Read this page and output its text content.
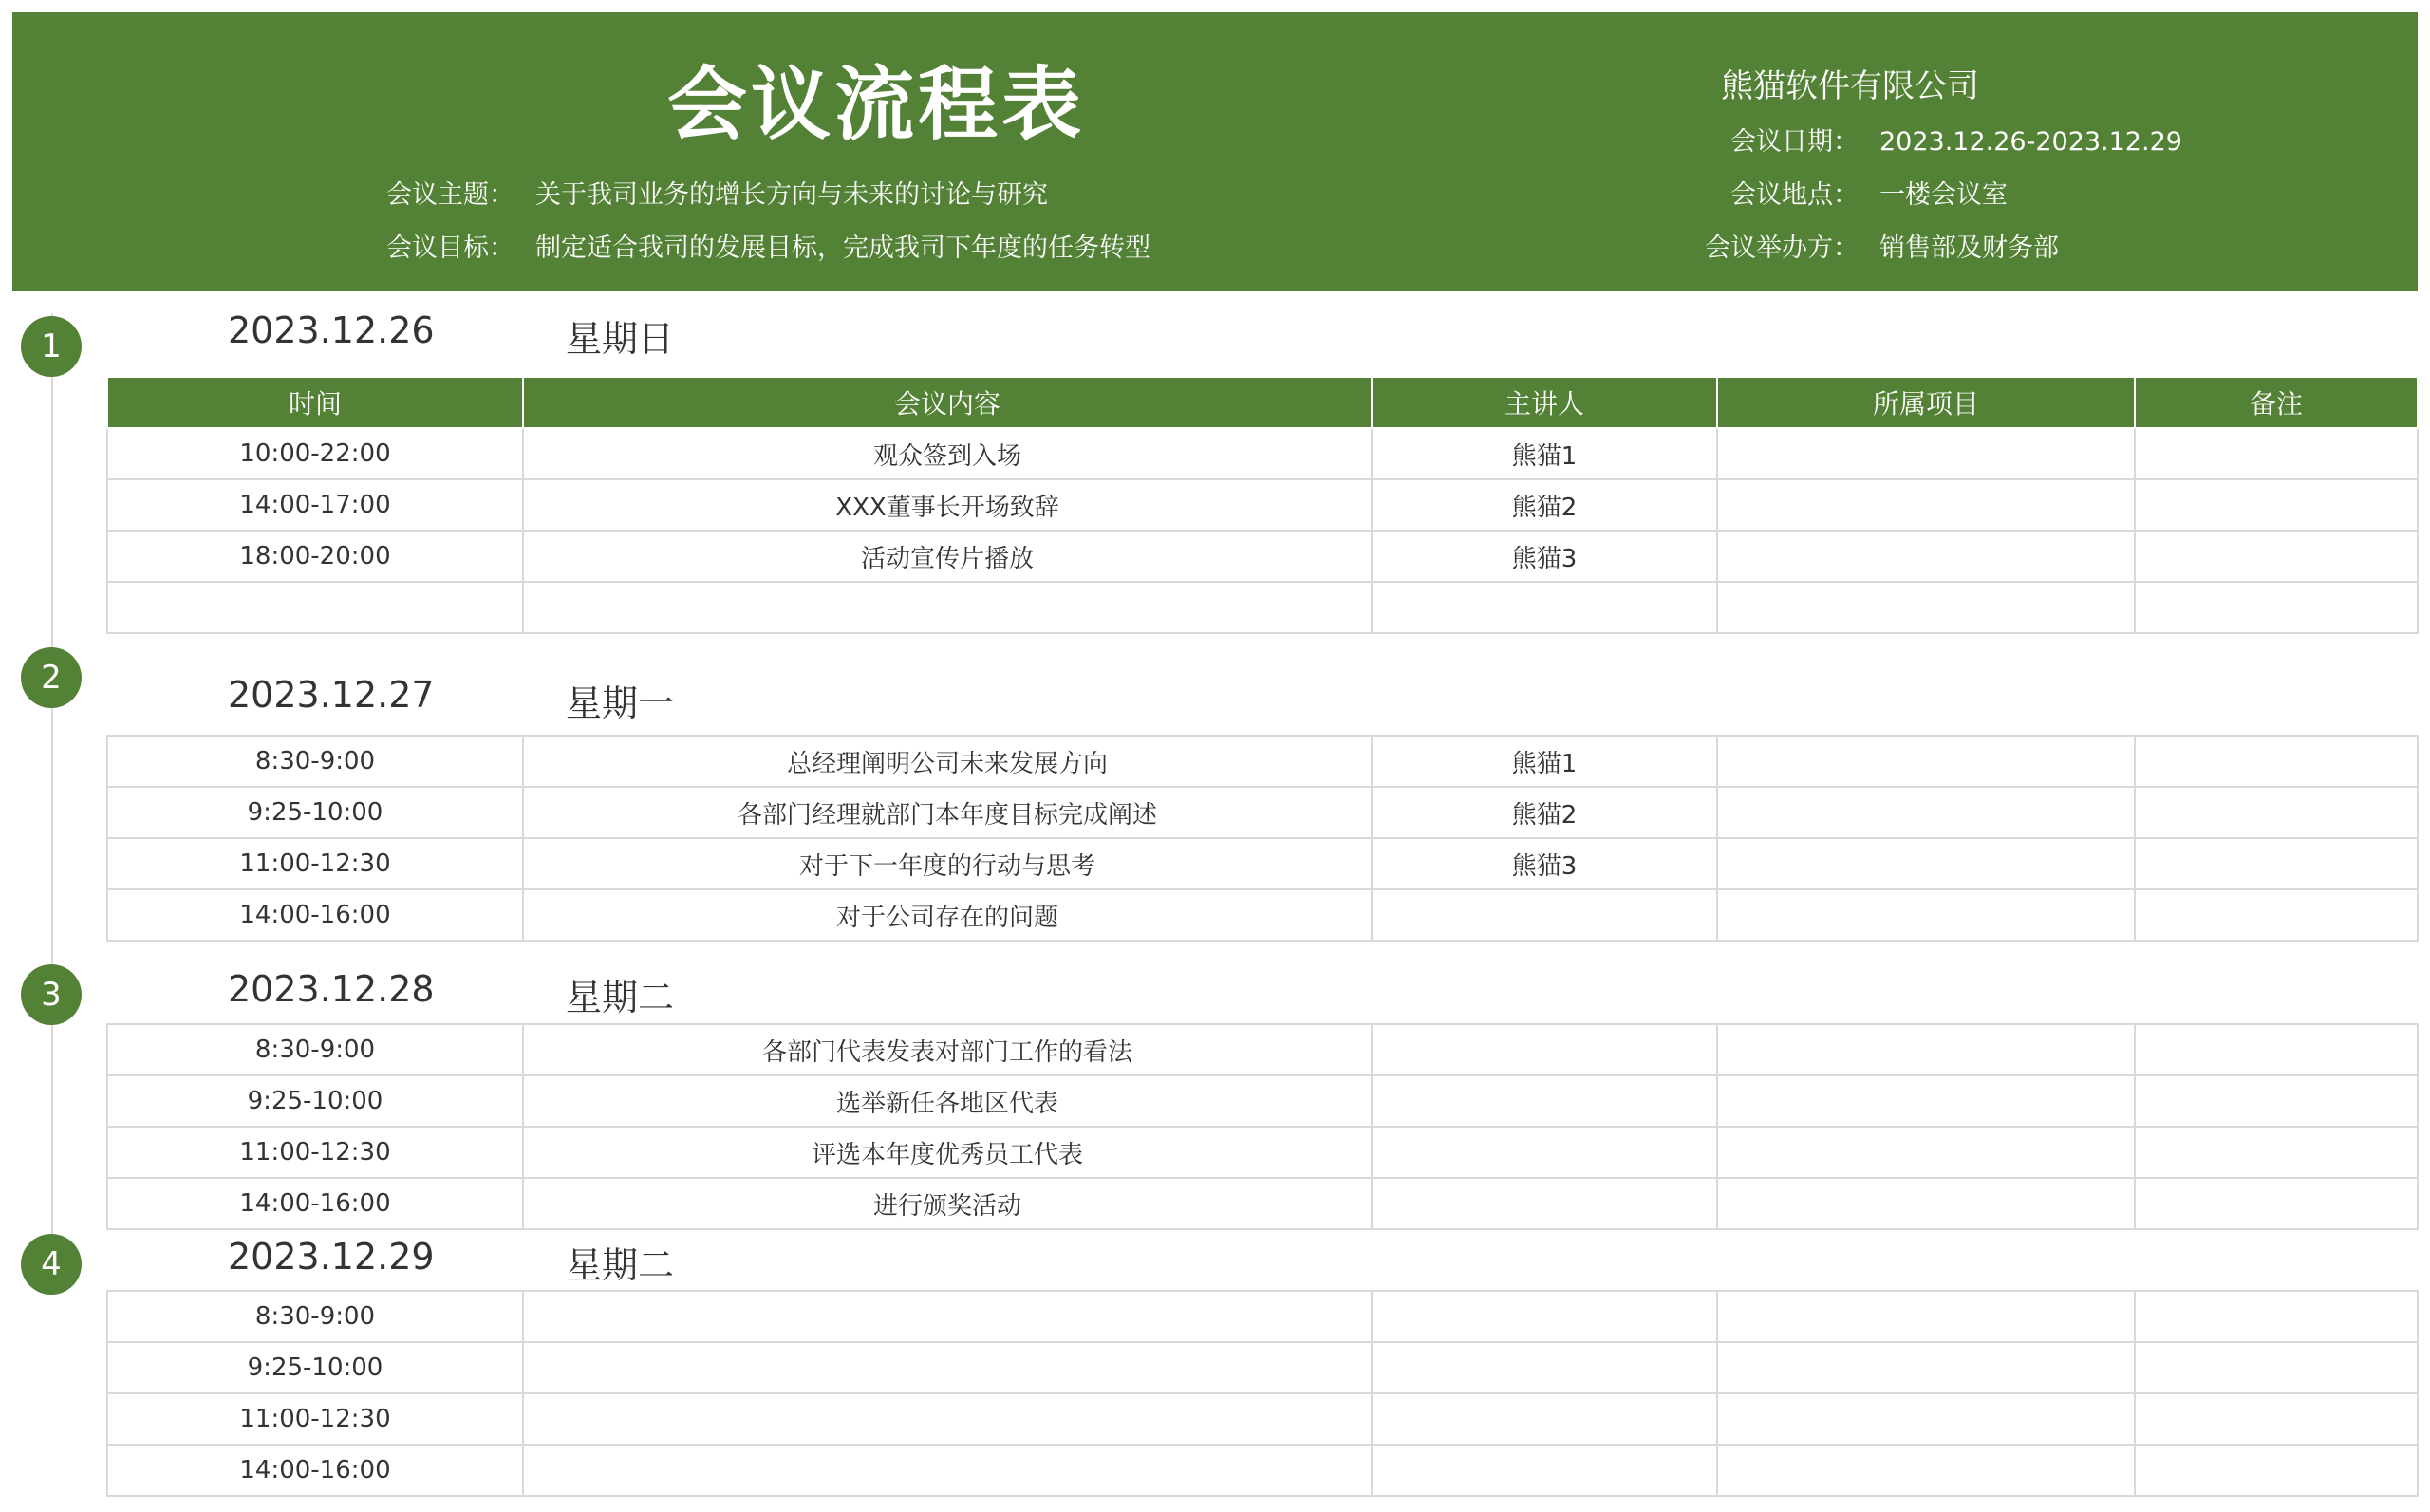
会议流程表	熊猫软件有限公司
会议主题： 关于我司业务的增长方向与未来的讨论与研究
会议目标： 制定适合我司的发展目标，完成我司下年度的任务转型
会议日期： 2023.12.26-2023.12.29
会议地点： 一楼会议室
会议举办方： 销售部及财务部
1	2023.12.26	星期日
时间	会议内容	主讲人	所属项目	备注
10:00-22:00	观众签到入场	熊猫1		
14:00-17:00	XXX董事长开场致辞	熊猫2		
18:00-20:00	活动宣传片播放	熊猫3		

2	2023.12.27	星期一
8:30-9:00	总经理阐明公司未来发展方向	熊猫1		
9:25-10:00	各部门经理就部门本年度目标完成阐述	熊猫2		
11:00-12:30	对于下一年度的行动与思考	熊猫3		
14:00-16:00	对于公司存在的问题			
3	2023.12.28	星期二
8:30-9:00	各部门代表发表对部门工作的看法			
9:25-10:00	选举新任各地区代表			
11:00-12:30	评选本年度优秀员工代表			
14:00-16:00	进行颁奖活动			
4	2023.12.29	星期二
8:30-9:00				
9:25-10:00				
11:00-12:30				
14:00-16:00				
